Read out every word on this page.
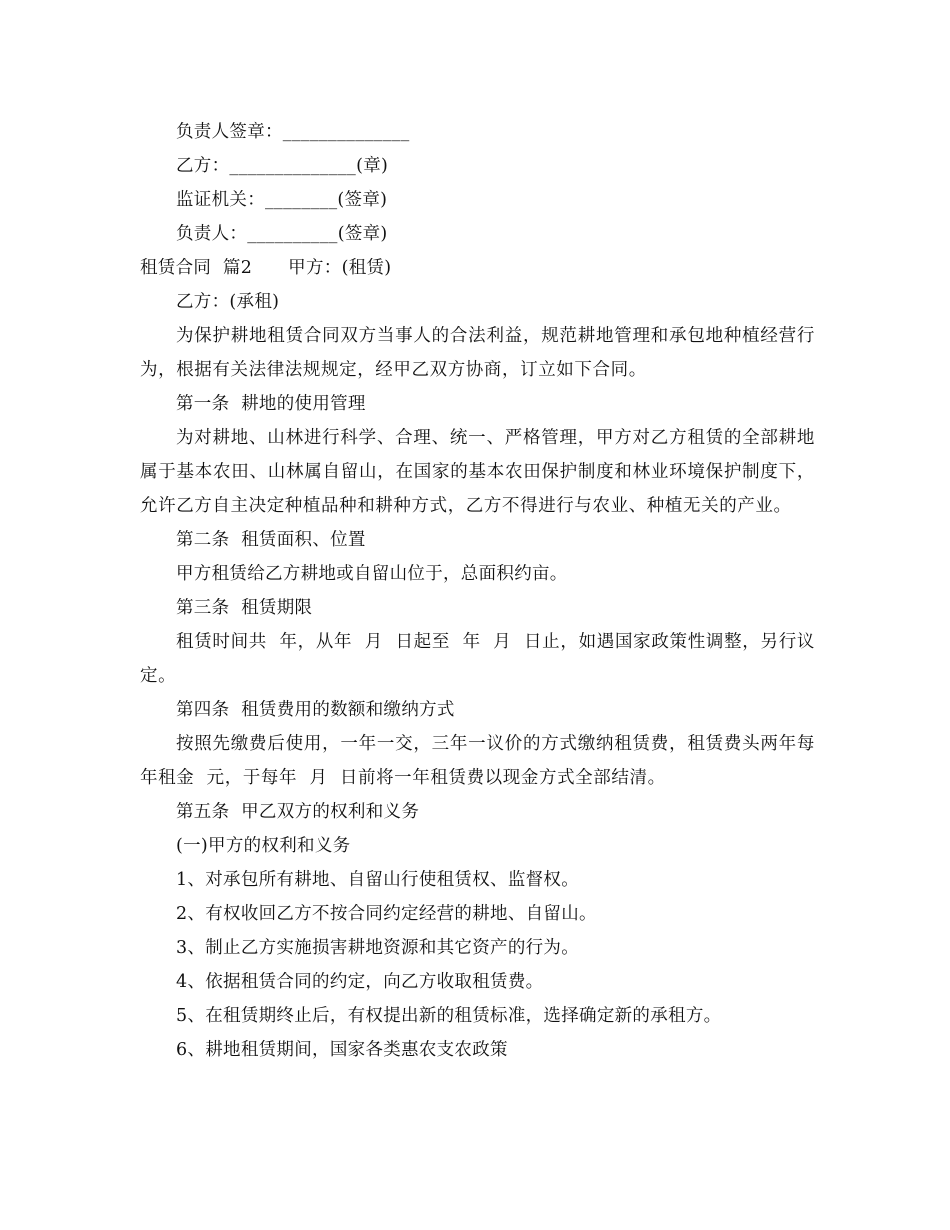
负责人签章：______________
乙方：______________(章)
监证机关：________(签章)
负责人：__________(签章)
租赁合同  篇2 甲方：(租赁)
乙方：(承租)

为保护耕地租赁合同双方当事人的合法利益，规范耕地管理和承包地种植经营行为，根据有关法律法规规定，经甲乙双方协商，订立如下合同。

第一条  耕地的使用管理

为对耕地、山林进行科学、合理、统一、严格管理，甲方对乙方租赁的全部耕地属于基本农田、山林属自留山，在国家的基本农田保护制度和林业环境保护制度下，允许乙方自主决定种植品种和耕种方式，乙方不得进行与农业、种植无关的产业。

第二条  租赁面积、位置
甲方租赁给乙方耕地或自留山位于，总面积约亩。
第三条  租赁期限

租赁时间共  年，从年  月  日起至  年  月  日止，如遇国家政策性调整，另行议定。

第四条  租赁费用的数额和缴纳方式

按照先缴费后使用，一年一交，三年一议价的方式缴纳租赁费，租赁费头两年每年租金  元，于每年  月  日前将一年租赁费以现金方式全部结清。

第五条  甲乙双方的权利和义务
(一)甲方的权利和义务
1、对承包所有耕地、自留山行使租赁权、监督权。
2、有权收回乙方不按合同约定经营的耕地、自留山。
3、制止乙方实施损害耕地资源和其它资产的行为。
4、依据租赁合同的约定，向乙方收取租赁费。
5、在租赁期终止后，有权提出新的租赁标准，选择确定新的承租方。
6、耕地租赁期间，国家各类惠农支农政策
